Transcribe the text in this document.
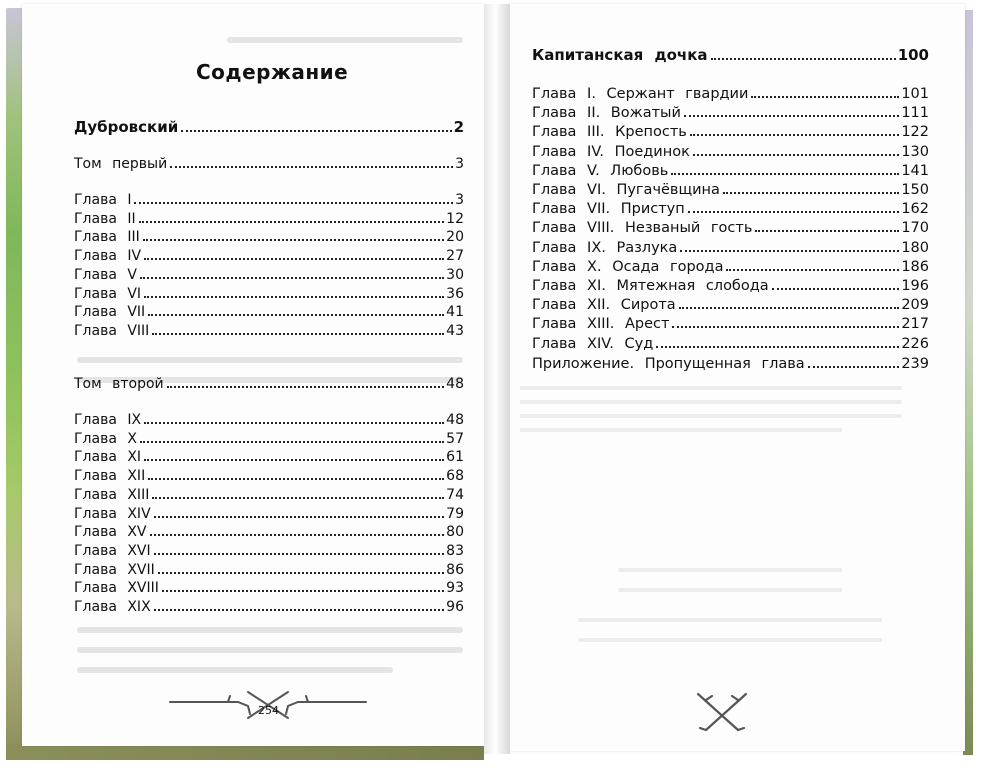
Содержание
Дубровский	2
Том первый	3
Глава I	3
Глава II	12
Глава III	20
Глава IV	27
Глава V	30
Глава VI	36
Глава VII	41
Глава VIII	43
Том второй	48
Глава IX	48
Глава X	57
Глава XI	61
Глава XII	68
Глава XIII	74
Глава XIV	79
Глава XV	80
Глава XVI	83
Глава XVII	86
Глава XVIII	93
Глава XIX	96
254
Капитанская дочка	100
Глава I. Сержант гвардии	101
Глава II. Вожатый	111
Глава III. Крепость	122
Глава IV. Поединок	130
Глава V. Любовь	141
Глава VI. Пугачёвщина	150
Глава VII. Приступ	162
Глава VIII. Незваный гость	170
Глава IX. Разлука	180
Глава X. Осада города	186
Глава XI. Мятежная слобода	196
Глава XII. Сирота	209
Глава XIII. Арест	217
Глава XIV. Суд	226
Приложение. Пропущенная глава	239
